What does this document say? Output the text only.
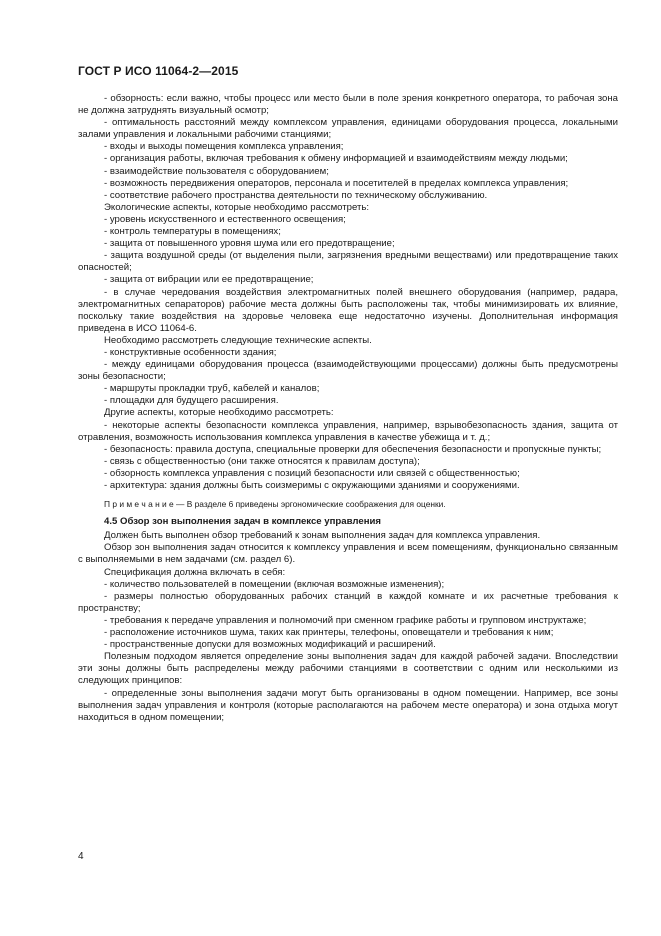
ГОСТ Р ИСО 11064-2—2015

- обзорность: если важно, чтобы процесс или место были в поле зрения конкретного оператора, то рабочая зона не должна затруднять визуальный осмотр;

- оптимальность расстояний между комплексом управления, единицами оборудования процесса, локальными залами управления и локальными рабочими станциями;

- входы и выходы помещения комплекса управления;

- организация работы, включая требования к обмену информацией и взаимодействиям между людьми;

- взаимодействие пользователя с оборудованием;

- возможность передвижения операторов, персонала и посетителей в пределах комплекса управления;

- соответствие рабочего пространства деятельности по техническому обслуживанию.

Экологические аспекты, которые необходимо рассмотреть:

- уровень искусственного и естественного освещения;

- контроль температуры в помещениях;

- защита от повышенного уровня шума или его предотвращение;

- защита воздушной среды (от выделения пыли, загрязнения вредными веществами) или предотвращение таких опасностей;

- защита от вибрации или ее предотвращение;

- в случае чередования воздействия электромагнитных полей внешнего оборудования (например, радара, электромагнитных сепараторов) рабочие места должны быть расположены так, чтобы минимизировать их влияние, поскольку такие воздействия на здоровье человека еще недостаточно изучены. Дополнительная информация приведена в ИСО 11064-6.

Необходимо рассмотреть следующие технические аспекты.

- конструктивные особенности здания;

- между единицами оборудования процесса (взаимодействующими процессами) должны быть предусмотрены зоны безопасности;

- маршруты прокладки труб, кабелей и каналов;

- площадки для будущего расширения.

Другие аспекты, которые необходимо рассмотреть:

- некоторые аспекты безопасности комплекса управления, например, взрывобезопасность здания, защита от отравления, возможность использования комплекса управления в качестве убежища и т. д.;

- безопасность: правила доступа, специальные проверки для обеспечения безопасности и пропускные пункты;

- связь с общественностью (они также относятся к правилам доступа);

- обзорность комплекса управления с позиций безопасности или связей с общественностью;

- архитектура: здания должны быть соизмеримы с окружающими зданиями и сооружениями.

П р и м е ч а н и е — В разделе 6 приведены эргономические соображения для оценки.

4.5 Обзор зон выполнения задач в комплексе управления

Должен быть выполнен обзор требований к зонам выполнения задач для комплекса управления.

Обзор зон выполнения задач относится к комплексу управления и всем помещениям, функционально связанным с выполняемыми в нем задачами (см. раздел 6).

Спецификация должна включать в себя:

- количество пользователей в помещении (включая возможные изменения);

- размеры полностью оборудованных рабочих станций в каждой комнате и их расчетные требования к пространству;

- требования к передаче управления и полномочий при сменном графике работы и групповом инструктаже;

- расположение источников шума, таких как принтеры, телефоны, оповещатели и требования к ним;

- пространственные допуски для возможных модификаций и расширений.

Полезным подходом является определение зоны выполнения задач для каждой рабочей задачи. Впоследствии эти зоны должны быть распределены между рабочими станциями в соответствии с одним или несколькими из следующих принципов:

- определенные зоны выполнения задачи могут быть организованы в одном помещении. Например, все зоны выполнения задач управления и контроля (которые располагаются на рабочем месте оператора) и зона отдыха могут находиться в одном помещении;

4
